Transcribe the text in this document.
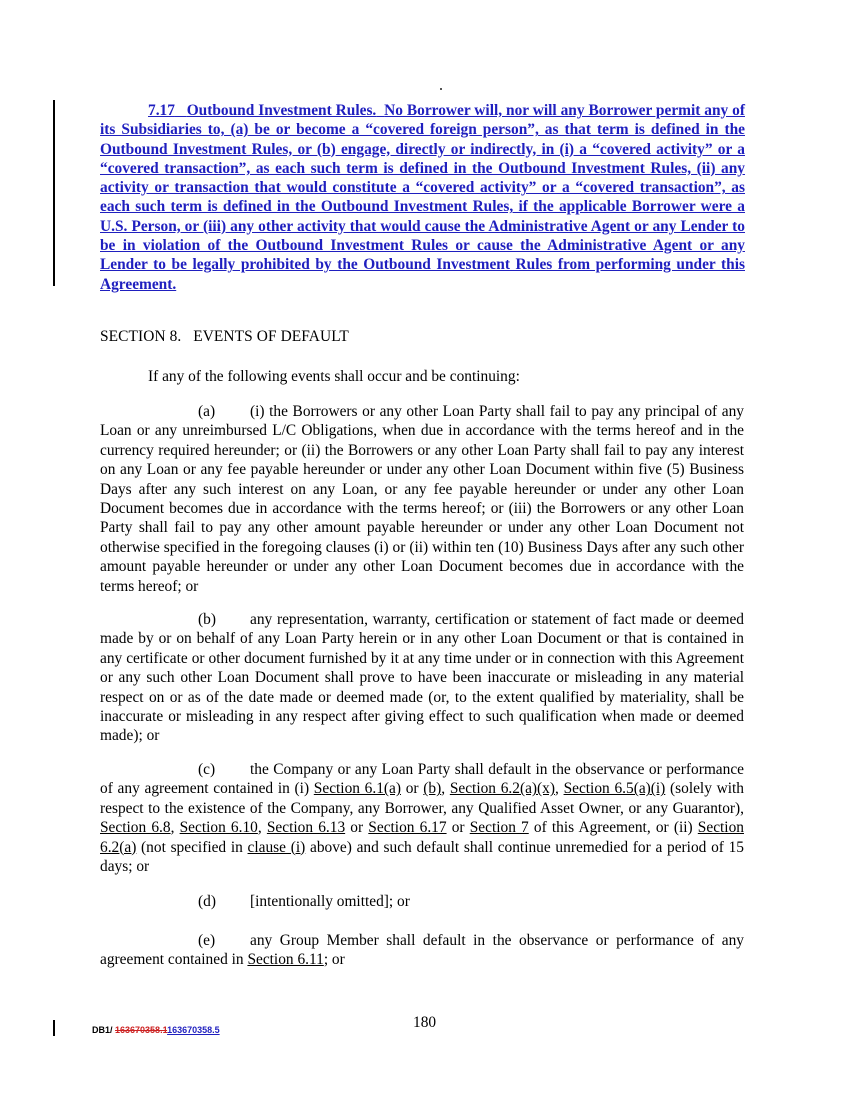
7.17 Outbound Investment Rules. No Borrower will, nor will any Borrower permit any of its Subsidiaries to, (a) be or become a “covered foreign person”, as that term is defined in the Outbound Investment Rules, or (b) engage, directly or indirectly, in (i) a “covered activity” or a “covered transaction”, as each such term is defined in the Outbound Investment Rules, (ii) any activity or transaction that would constitute a “covered activity” or a “covered transaction”, as each such term is defined in the Outbound Investment Rules, if the applicable Borrower were a U.S. Person, or (iii) any other activity that would cause the Administrative Agent or any Lender to be in violation of the Outbound Investment Rules or cause the Administrative Agent or any Lender to be legally prohibited by the Outbound Investment Rules from performing under this Agreement.
SECTION 8.   EVENTS OF DEFAULT
If any of the following events shall occur and be continuing:
(a) (i) the Borrowers or any other Loan Party shall fail to pay any principal of any Loan or any unreimbursed L/C Obligations, when due in accordance with the terms hereof and in the currency required hereunder; or (ii) the Borrowers or any other Loan Party shall fail to pay any interest on any Loan or any fee payable hereunder or under any other Loan Document within five (5) Business Days after any such interest on any Loan, or any fee payable hereunder or under any other Loan Document becomes due in accordance with the terms hereof; or (iii) the Borrowers or any other Loan Party shall fail to pay any other amount payable hereunder or under any other Loan Document not otherwise specified in the foregoing clauses (i) or (ii) within ten (10) Business Days after any such other amount payable hereunder or under any other Loan Document becomes due in accordance with the terms hereof; or
(b) any representation, warranty, certification or statement of fact made or deemed made by or on behalf of any Loan Party herein or in any other Loan Document or that is contained in any certificate or other document furnished by it at any time under or in connection with this Agreement or any such other Loan Document shall prove to have been inaccurate or misleading in any material respect on or as of the date made or deemed made (or, to the extent qualified by materiality, shall be inaccurate or misleading in any respect after giving effect to such qualification when made or deemed made); or
(c) the Company or any Loan Party shall default in the observance or performance of any agreement contained in (i) Section 6.1(a) or (b), Section 6.2(a)(x), Section 6.5(a)(i) (solely with respect to the existence of the Company, any Borrower, any Qualified Asset Owner, or any Guarantor), Section 6.8, Section 6.10, Section 6.13 or Section 6.17 or Section 7 of this Agreement, or (ii) Section 6.2(a) (not specified in clause (i) above) and such default shall continue unremedied for a period of 15 days; or
(d) [intentionally omitted]; or
(e) any Group Member shall default in the observance or performance of any agreement contained in Section 6.11; or
180
DB1/ 163670358.1163670358.5
